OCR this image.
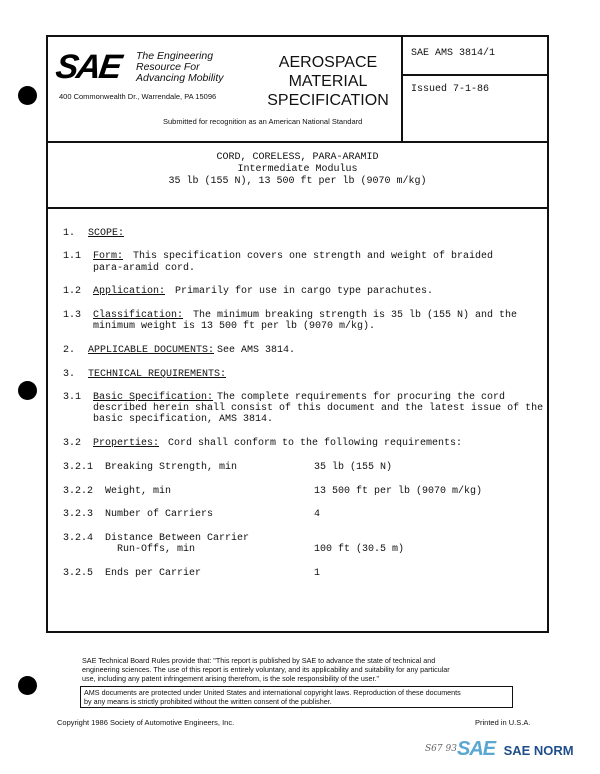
SAE The Engineering
Resource For
Advancing Mobility
400 Commonwealth Dr., Warrendale, PA 15096
AEROSPACE
MATERIAL
SPECIFICATION
Submitted for recognition as an American National Standard
SAE AMS 3814/1
Issued 7-1-86
CORD, CORELESS, PARA-ARAMID
Intermediate Modulus
35 lb (155 N), 13 500 ft per lb (9070 m/kg)
1. SCOPE:
1.1 Form: This specification covers one strength and weight of braided
para-aramid cord.
1.2 Application: Primarily for use in cargo type parachutes.
1.3 Classification: The minimum breaking strength is 35 lb (155 N) and the
minimum weight is 13 500 ft per lb (9070 m/kg).
2. APPLICABLE DOCUMENTS: See AMS 3814.
3. TECHNICAL REQUIREMENTS:
3.1 Basic Specification: The complete requirements for procuring the cord
described herein shall consist of this document and the latest issue of the
basic specification, AMS 3814.
3.2 Properties: Cord shall conform to the following requirements:
3.2.1 Breaking Strength, min	35 lb (155 N)
3.2.2 Weight, min	13 500 ft per lb (9070 m/kg)
3.2.3 Number of Carriers	4
3.2.4 Distance Between Carrier
Run-Offs, min	100 ft (30.5 m)
3.2.5 Ends per Carrier	1

SAE Technical Board Rules provide that: "This report is published by SAE to advance the state of technical and

engineering sciences. The use of this report is entirely voluntary, and its applicability and suitability for any particular

use, including any patent infringement arising therefrom, is the sole responsibility of the user."

AMS documents are protected under United States and international copyright laws. Reproduction of these documents

by any means is strictly prohibited without the written consent of the publisher.

Copyright 1986 Society of Automotive Engineers, Inc.	Printed in U.S.A.
S67 93 SAE SAE NORM
